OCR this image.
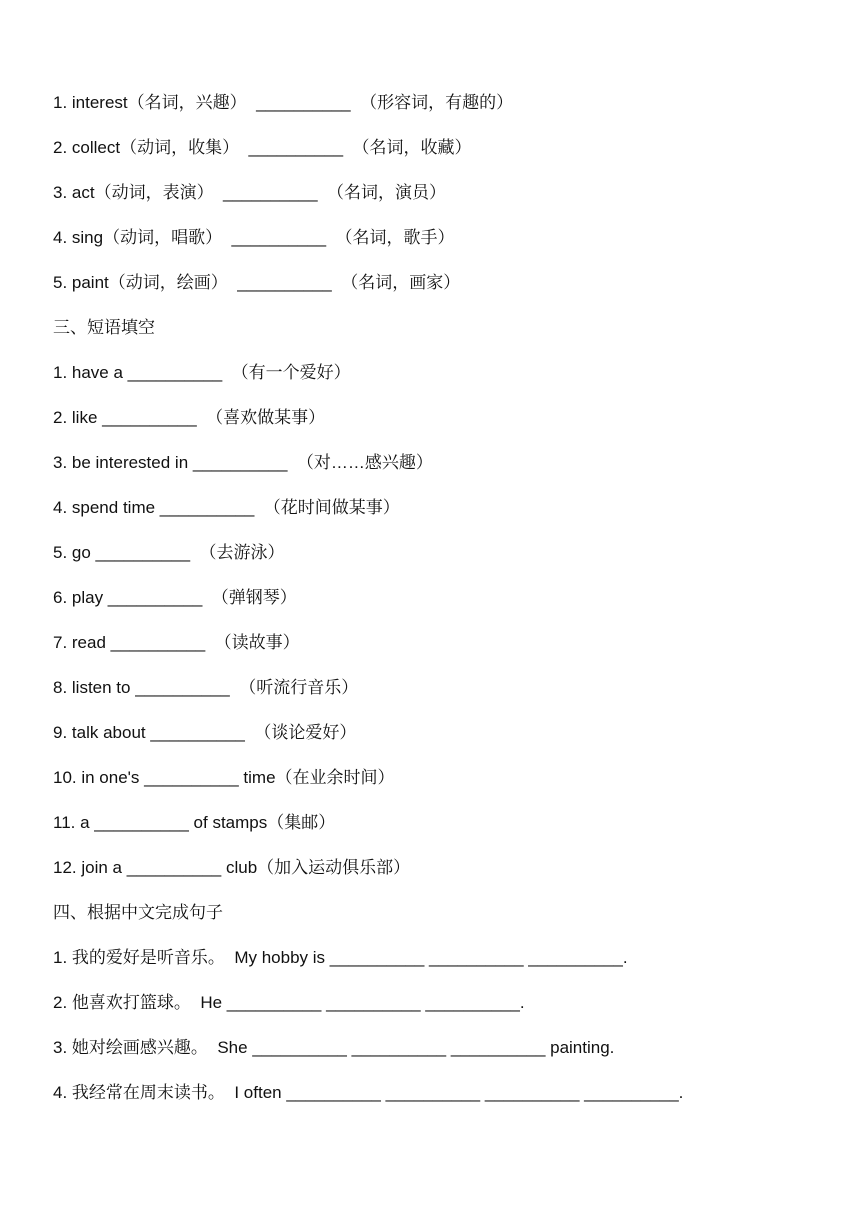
1. interest（名词，兴趣）  __________  （形容词，有趣的）
2. collect（动词，收集）  __________  （名词，收藏）
3. act（动词，表演）  __________  （名词，演员）
4. sing（动词，唱歌）  __________  （名词，歌手）
5. paint（动词，绘画）  __________  （名词，画家）
三、短语填空
1. have a __________  （有一个爱好）
2. like __________  （喜欢做某事）
3. be interested in __________  （对……感兴趣）
4. spend time __________  （花时间做某事）
5. go __________  （去游泳）
6. play __________  （弹钢琴）
7. read __________  （读故事）
8. listen to __________  （听流行音乐）
9. talk about __________  （谈论爱好）
10. in one's __________ time（在业余时间）
11. a __________ of stamps（集邮）
12. join a __________ club（加入运动俱乐部）
四、根据中文完成句子
1. 我的爱好是听音乐。  My hobby is __________ __________ __________.
2. 他喜欢打篮球。  He __________ __________ __________.
3. 她对绘画感兴趣。  She __________ __________ __________ painting.
4. 我经常在周末读书。  I often __________ __________ __________ __________.
